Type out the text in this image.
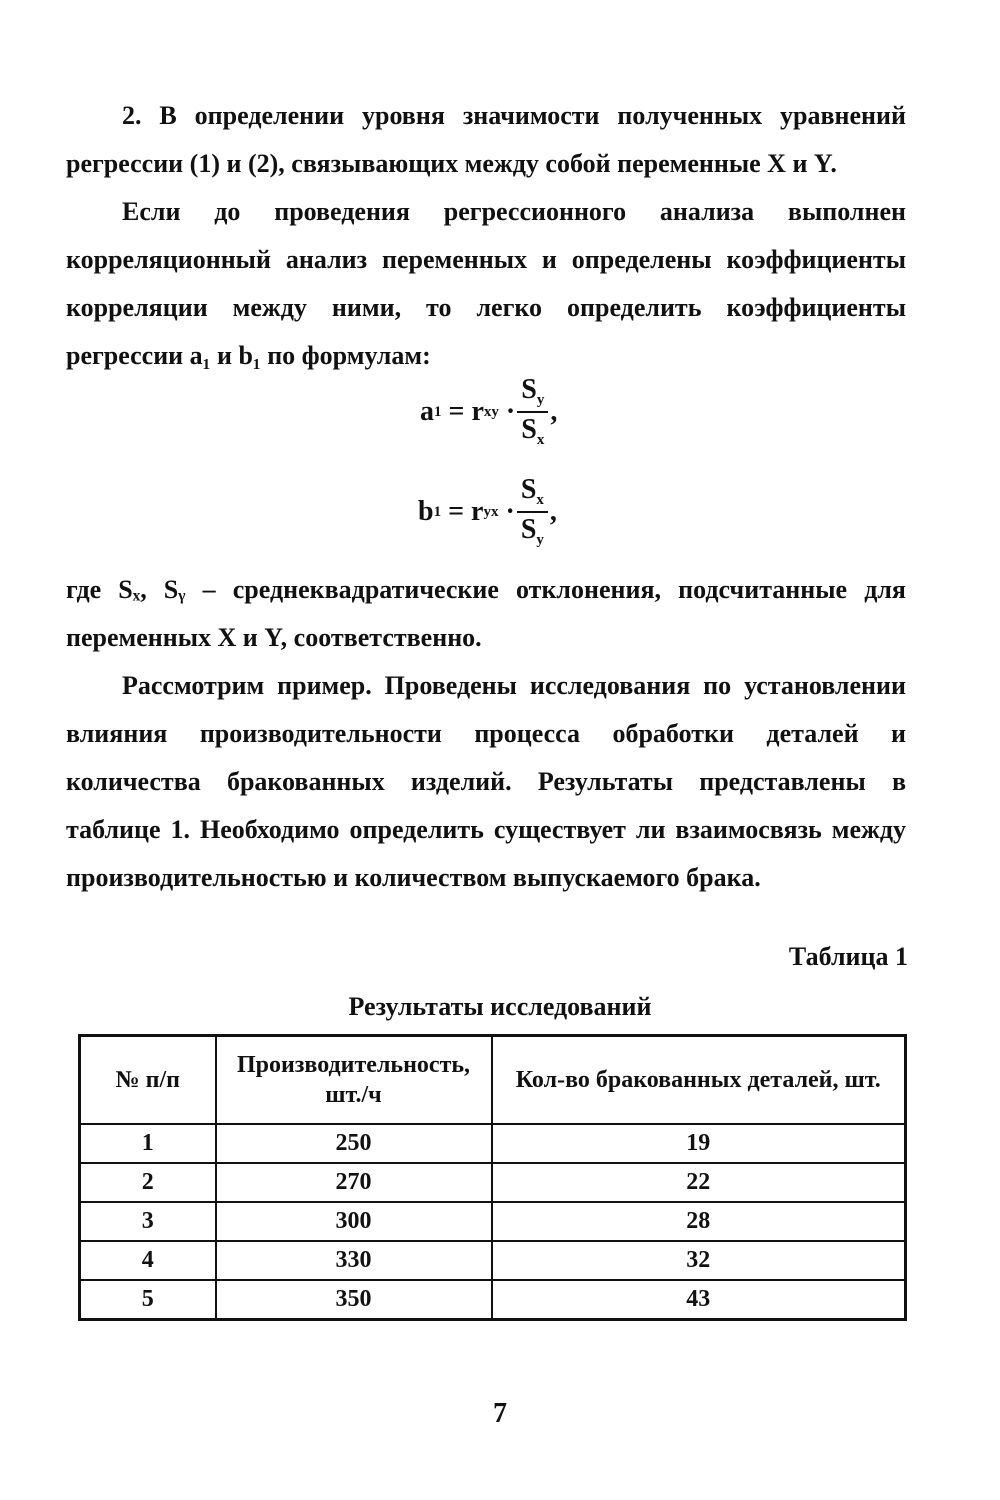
2. В определении уровня значимости полученных уравнений регрессии (1) и (2), связывающих между собой переменные X и Y.

Если до проведения регрессионного анализа выполнен корреляционный анализ переменных и определены коэффициенты корреляции между ними, то легко определить коэффициенты регрессии a₁ и b₁ по формулам:

a 1 = r xy · $\frac{S_y}{S_x}$ ,
b 1 = r yx · $\frac{S_x}{S_y}$ ,

где Sₓ, Sᵧ – среднеквадратические отклонения, подсчитанные для переменных X и Y, соответственно.

Рассмотрим пример. Проведены исследования по установлении влияния производительности процесса обработки деталей и количества бракованных изделий. Результаты представлены в таблице 1. Необходимо определить существует ли взаимосвязь между производительностью и количеством выпускаемого брака.

Таблица 1
Результаты исследований
№ п/п	Производительность, шт./ч	Кол-во бракованных деталей, шт.
1	250	19
2	270	22
3	300	28
4	330	32
5	350	43
7
